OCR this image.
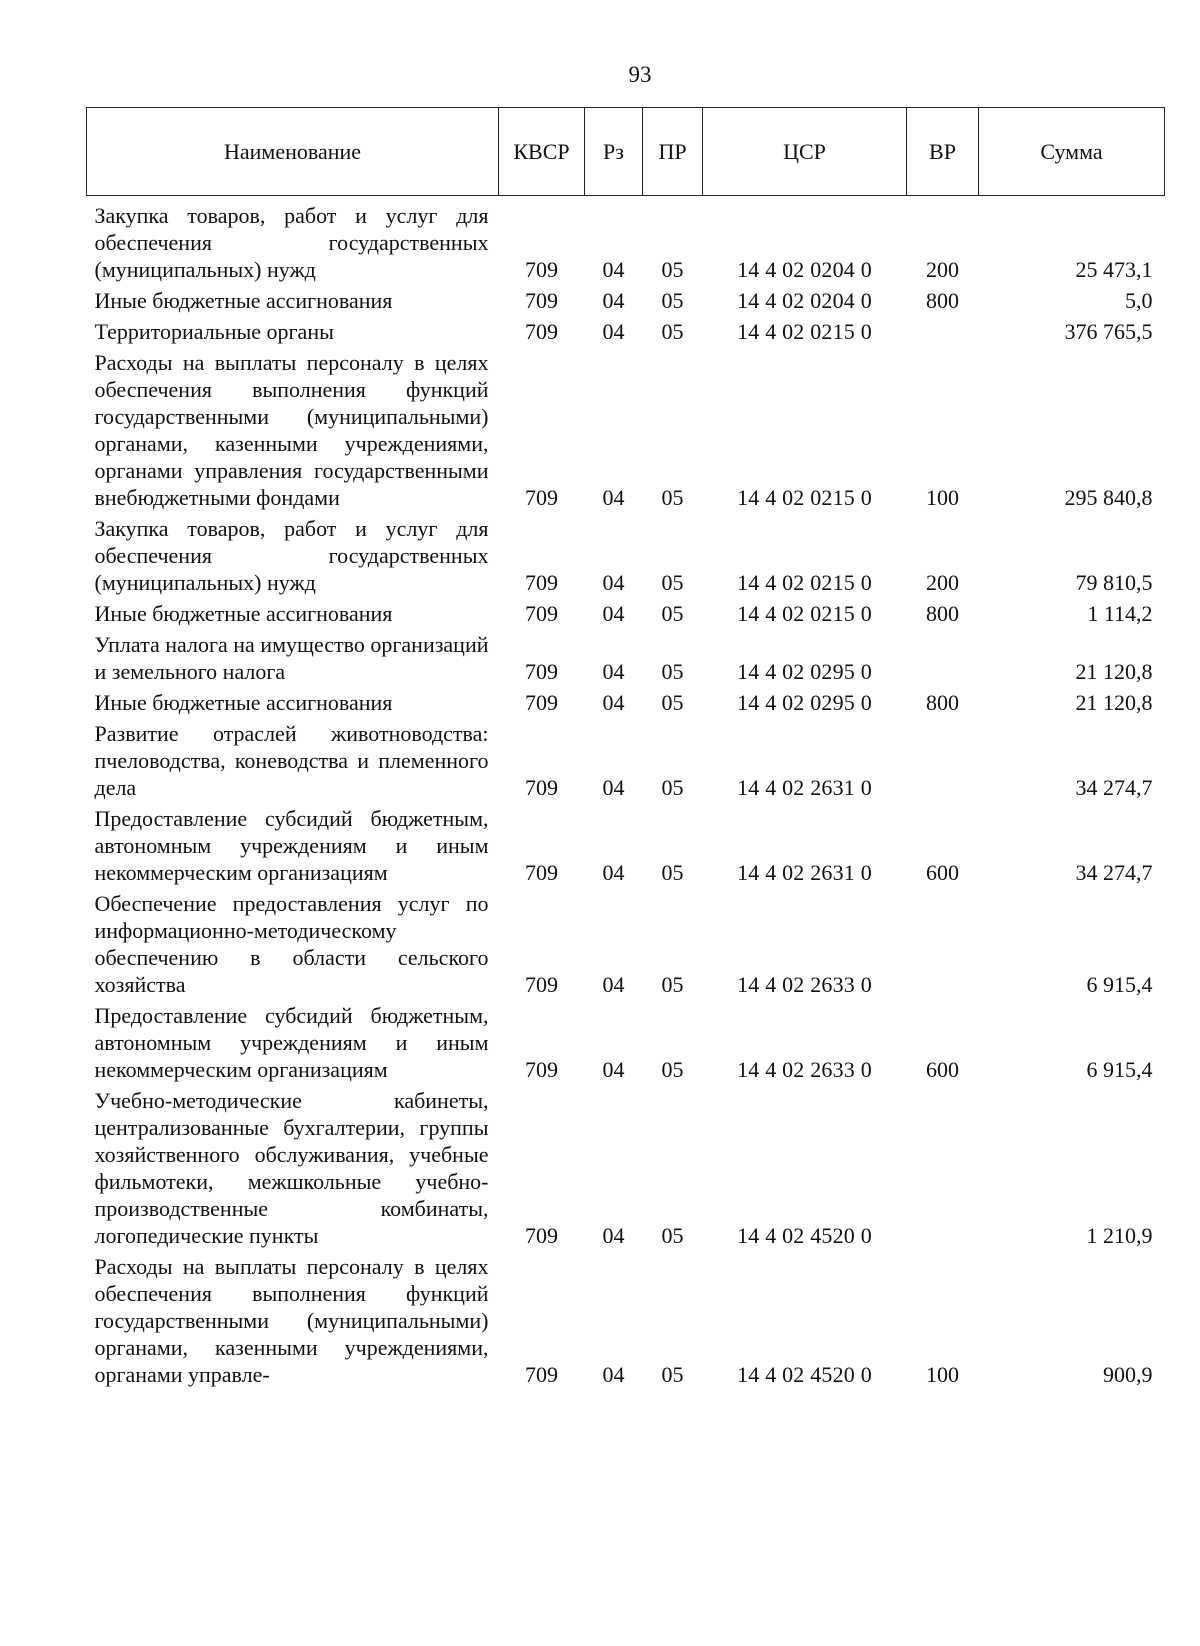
93
Наименование	КВСР	Рз	ПР	ЦСР	ВР	Сумма
Закупка товаров, работ и услуг для обеспечения государственных (муниципальных) нужд	709	04	05	14 4 02 0204 0	200	25 473,1
Иные бюджетные ассигнования	709	04	05	14 4 02 0204 0	800	5,0
Территориальные органы	709	04	05	14 4 02 0215 0		376 765,5
Расходы на выплаты персоналу в целях обеспечения выполнения функций государственными (муниципальными) органами, казенными учреждениями, органами управления государственными внебюджетными фондами	709	04	05	14 4 02 0215 0	100	295 840,8
Закупка товаров, работ и услуг для обеспечения государственных (муниципальных) нужд	709	04	05	14 4 02 0215 0	200	79 810,5
Иные бюджетные ассигнования	709	04	05	14 4 02 0215 0	800	1 114,2
Уплата налога на имущество организаций и земельного налога	709	04	05	14 4 02 0295 0		21 120,8
Иные бюджетные ассигнования	709	04	05	14 4 02 0295 0	800	21 120,8
Развитие отраслей животноводства: пчеловодства, коневодства и племенного дела	709	04	05	14 4 02 2631 0		34 274,7
Предоставление субсидий бюджетным, автономным учреждениям и иным некоммерческим организациям	709	04	05	14 4 02 2631 0	600	34 274,7
Обеспечение предоставления услуг по информационно-методическому обеспечению в области сельского хозяйства	709	04	05	14 4 02 2633 0		6 915,4
Предоставление субсидий бюджетным, автономным учреждениям и иным некоммерческим организациям	709	04	05	14 4 02 2633 0	600	6 915,4
Учебно-методические кабинеты, централизованные бухгалтерии, группы хозяйственного обслуживания, учебные фильмотеки, межшкольные учебно-производственные комбинаты, логопедические пункты	709	04	05	14 4 02 4520 0		1 210,9
Расходы на выплаты персоналу в целях обеспечения выполнения функций государственными (муниципальными) органами, казенными учреждениями, органами управле-	709	04	05	14 4 02 4520 0	100	900,9
